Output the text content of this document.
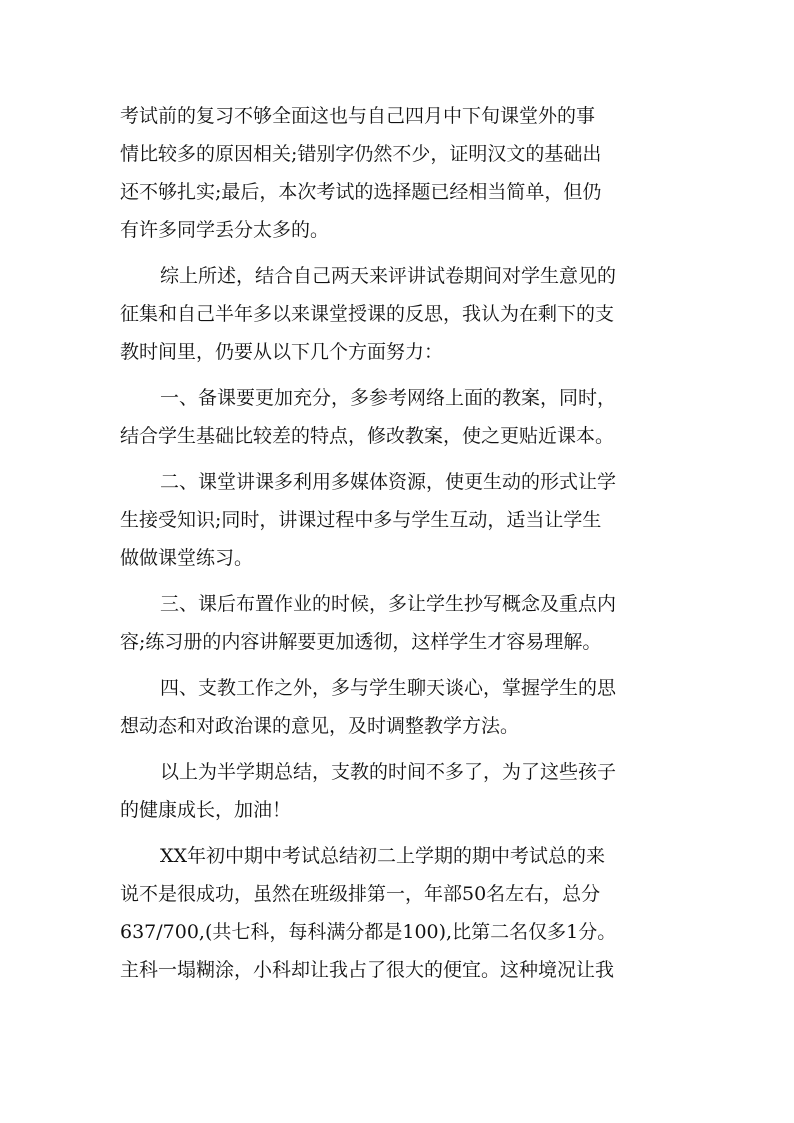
考试前的复习不够全面这也与自己四月中下旬课堂外的事
情比较多的原因相关;错别字仍然不少，证明汉文的基础出
还不够扎实;最后，本次考试的选择题已经相当简单，但仍
有许多同学丢分太多的。
综上所述，结合自己两天来评讲试卷期间对学生意见的
征集和自己半年多以来课堂授课的反思，我认为在剩下的支
教时间里，仍要从以下几个方面努力：
一、备课要更加充分，多参考网络上面的教案，同时，
结合学生基础比较差的特点，修改教案，使之更贴近课本。
二、课堂讲课多利用多媒体资源，使更生动的形式让学
生接受知识;同时，讲课过程中多与学生互动，适当让学生
做做课堂练习。
三、课后布置作业的时候，多让学生抄写概念及重点内
容;练习册的内容讲解要更加透彻，这样学生才容易理解。
四、支教工作之外，多与学生聊天谈心，掌握学生的思
想动态和对政治课的意见，及时调整教学方法。
以上为半学期总结，支教的时间不多了，为了这些孩子
的健康成长，加油！
XX年初中期中考试总结初二上学期的期中考试总的来
说不是很成功，虽然在班级排第一，年部50名左右，总分
637/700,(共七科，每科满分都是100),比第二名仅多1分。
主科一塌糊涂，小科却让我占了很大的便宜。这种境况让我
